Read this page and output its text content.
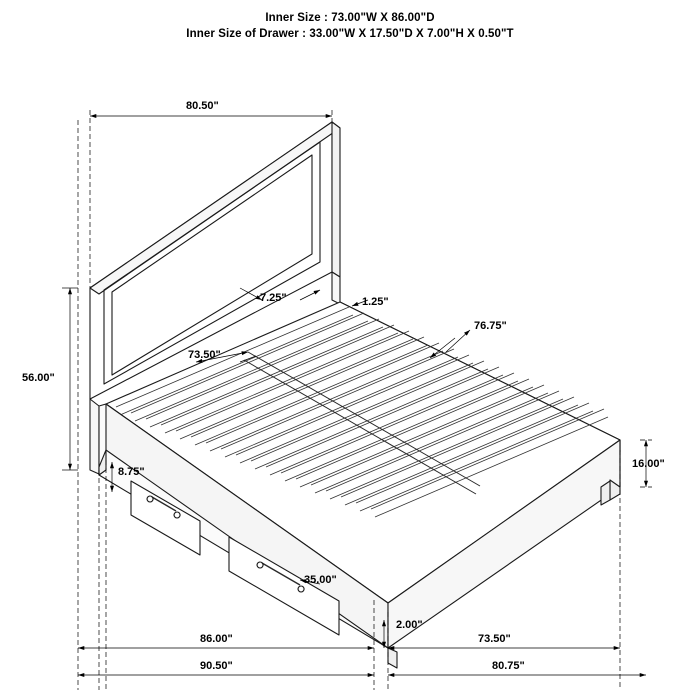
Inner Size : 73.00"W X 86.00"D
Inner Size of Drawer : 33.00"W X 17.50"D X 7.00"H X 0.50"T
80.50"
56.00"
16.00"
8.75"
7.25"	1.25"
76.75"
73.50"
35.00"
2.00"
86.00"	73.50"
90.50"	80.75"
